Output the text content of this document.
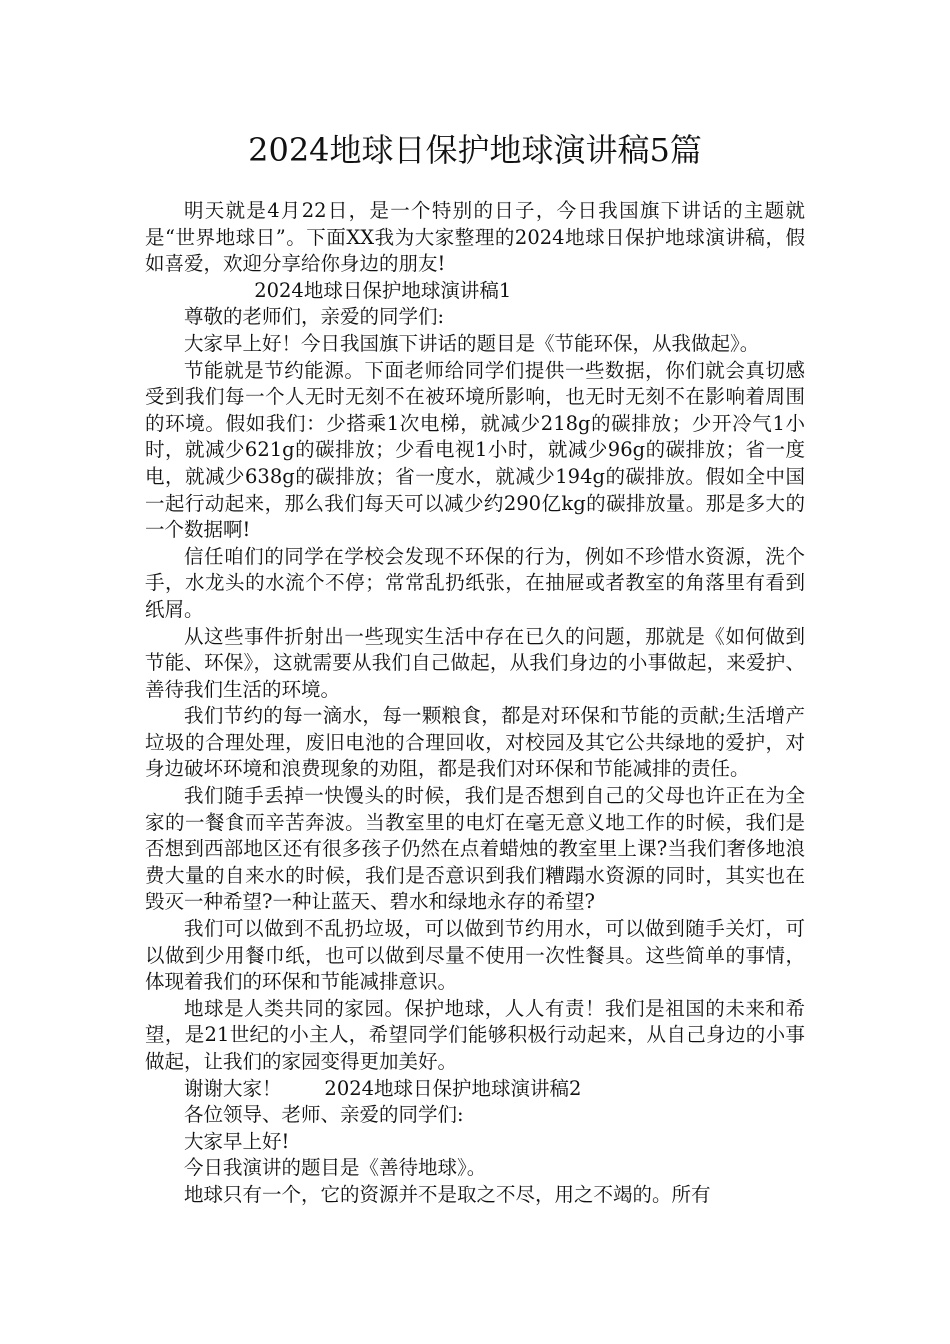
2024地球日保护地球演讲稿5篇

明天就是4月22日，是一个特别的日子，今日我国旗下讲话的主题就是“世界地球日”。下面XX我为大家整理的2024地球日保护地球演讲稿，假如喜爱，欢迎分享给你身边的朋友!

2024地球日保护地球演讲稿1

尊敬的老师们，亲爱的同学们:

大家早上好！今日我国旗下讲话的题目是《节能环保，从我做起》。

节能就是节约能源。下面老师给同学们提供一些数据，你们就会真切感受到我们每一个人无时无刻不在被环境所影响，也无时无刻不在影响着周围的环境。假如我们：少搭乘1次电梯，就减少218g的碳排放；少开冷气1小时，就减少621g的碳排放；少看电视1小时，就减少96g的碳排放；省一度电，就减少638g的碳排放；省一度水，就减少194g的碳排放。假如全中国一起行动起来，那么我们每天可以减少约290亿kg的碳排放量。那是多大的一个数据啊!

信任咱们的同学在学校会发现不环保的行为，例如不珍惜水资源，洗个手，水龙头的水流个不停；常常乱扔纸张，在抽屉或者教室的角落里有看到纸屑。

从这些事件折射出一些现实生活中存在已久的问题，那就是《如何做到节能、环保》，这就需要从我们自己做起，从我们身边的小事做起，来爱护、善待我们生活的环境。

我们节约的每一滴水，每一颗粮食，都是对环保和节能的贡献;生活增产垃圾的合理处理，废旧电池的合理回收，对校园及其它公共绿地的爱护，对身边破坏环境和浪费现象的劝阻，都是我们对环保和节能减排的责任。

我们随手丢掉一快馒头的时候，我们是否想到自己的父母也许正在为全家的一餐食而辛苦奔波。当教室里的电灯在毫无意义地工作的时候，我们是否想到西部地区还有很多孩子仍然在点着蜡烛的教室里上课?当我们奢侈地浪费大量的自来水的时候，我们是否意识到我们糟蹋水资源的同时，其实也在毁灭一种希望?一种让蓝天、碧水和绿地永存的希望?

我们可以做到不乱扔垃圾，可以做到节约用水，可以做到随手关灯，可以做到少用餐巾纸，也可以做到尽量不使用一次性餐具。这些简单的事情，体现着我们的环保和节能减排意识。

地球是人类共同的家园。保护地球，人人有责！我们是祖国的未来和希望，是21世纪的小主人，希望同学们能够积极行动起来，从自己身边的小事做起，让我们的家园变得更加美好。

谢谢大家！ 2024地球日保护地球演讲稿2

各位领导、老师、亲爱的同学们:

大家早上好!

今日我演讲的题目是《善待地球》。

地球只有一个，它的资源并不是取之不尽，用之不竭的。所有
